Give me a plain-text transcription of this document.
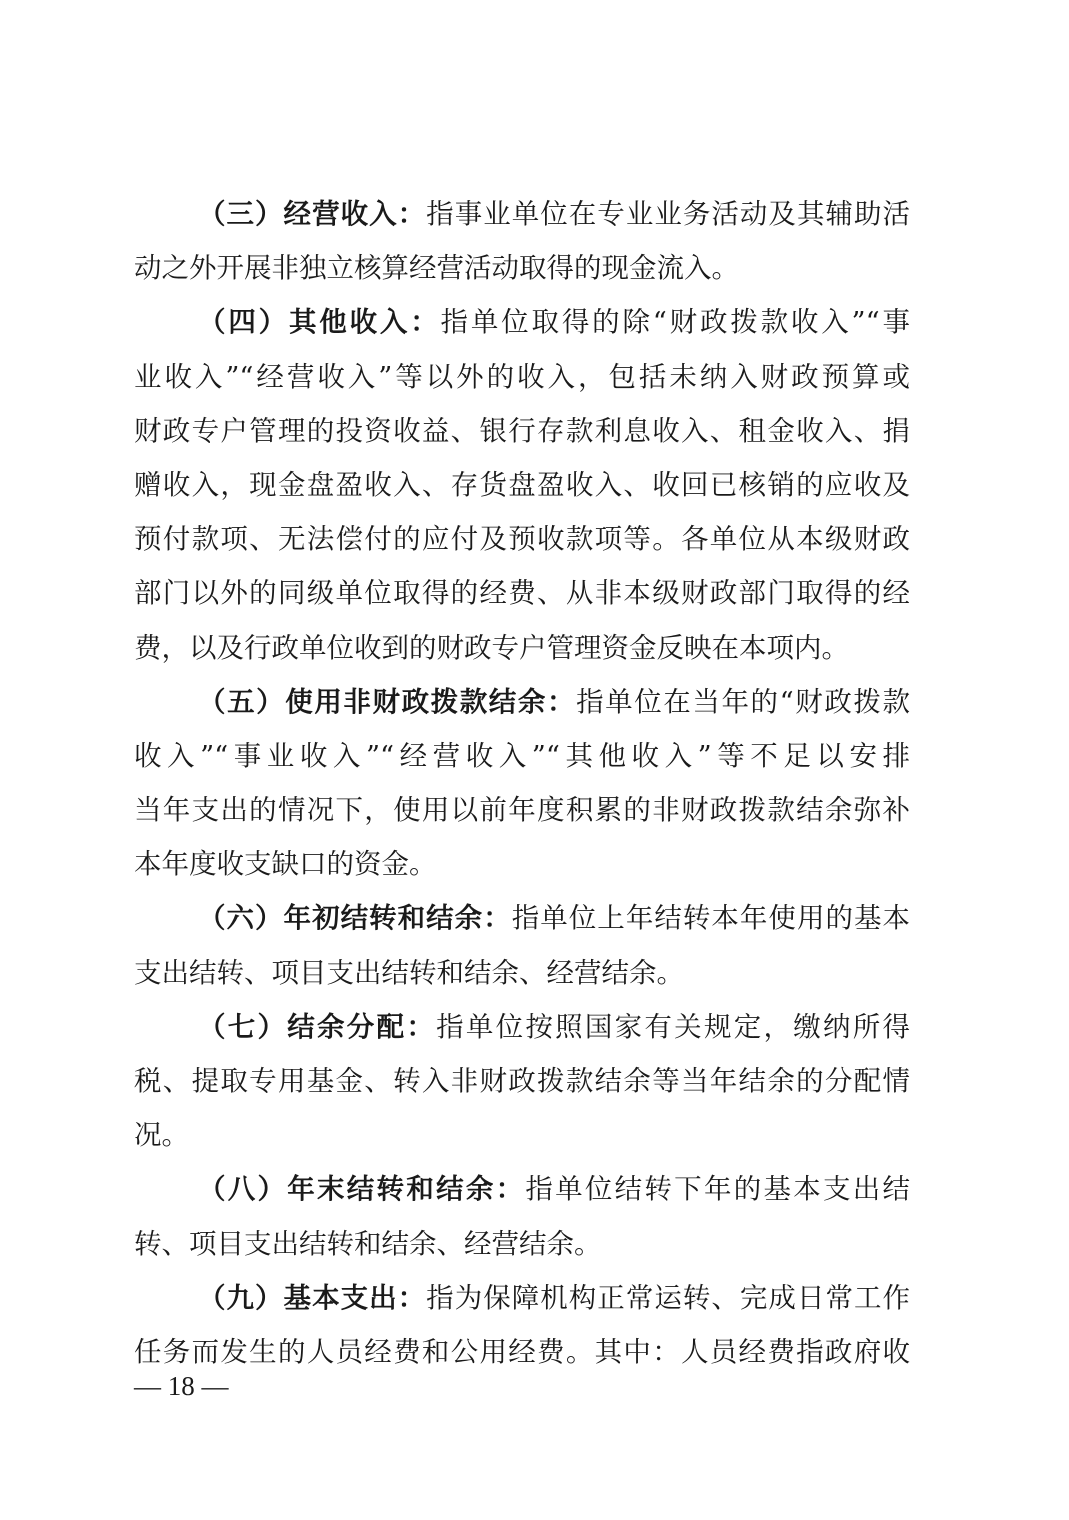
（三）经营收入：指事业单位在专业业务活动及其辅助活
动之外开展非独立核算经营活动取得的现金流入。
（四）其他收入：指单位取得的除“财政拨款收入”“事
业收入”“经营收入”等以外的收入，包括未纳入财政预算或
财政专户管理的投资收益、银行存款利息收入、租金收入、捐
赠收入，现金盘盈收入、存货盘盈收入、收回已核销的应收及
预付款项、无法偿付的应付及预收款项等。各单位从本级财政
部门以外的同级单位取得的经费、从非本级财政部门取得的经
费，以及行政单位收到的财政专户管理资金反映在本项内。
（五）使用非财政拨款结余：指单位在当年的“财政拨款
收入”“事业收入”“经营收入”“其他收入”等不足以安排
当年支出的情况下，使用以前年度积累的非财政拨款结余弥补
本年度收支缺口的资金。
（六）年初结转和结余：指单位上年结转本年使用的基本
支出结转、项目支出结转和结余、经营结余。
（七）结余分配：指单位按照国家有关规定，缴纳所得
税、提取专用基金、转入非财政拨款结余等当年结余的分配情
况。
（八）年末结转和结余：指单位结转下年的基本支出结
转、项目支出结转和结余、经营结余。
（九）基本支出：指为保障机构正常运转、完成日常工作
任务而发生的人员经费和公用经费。其中：人员经费指政府收
— 18 —
